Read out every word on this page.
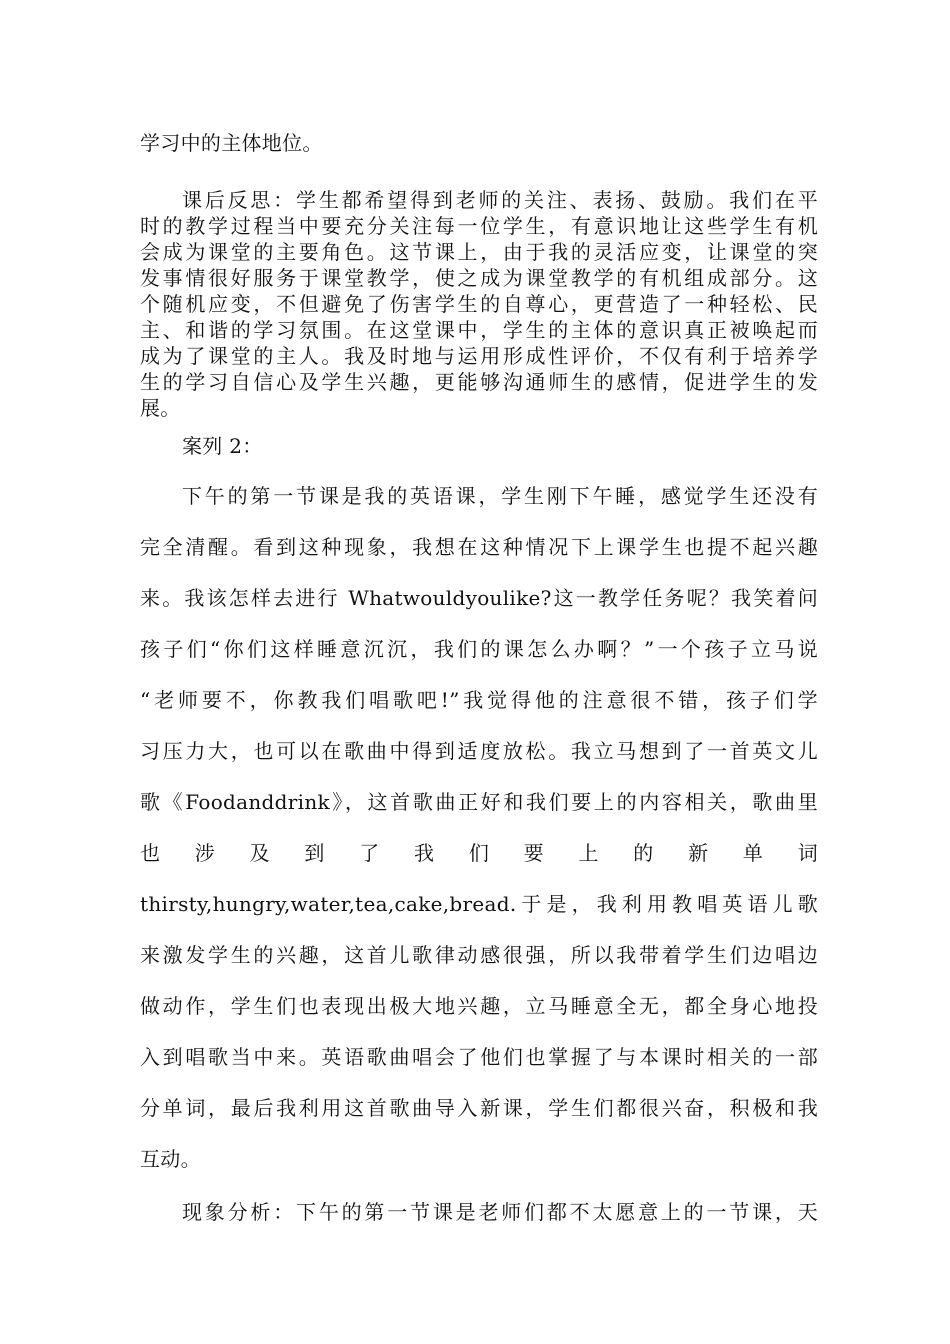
学习中的主体地位。
课后反思：学生都希望得到老师的关注、表扬、鼓励。我们在平
时的教学过程当中要充分关注每一位学生，有意识地让这些学生有机
会成为课堂的主要角色。这节课上，由于我的灵活应变，让课堂的突
发事情很好服务于课堂教学，使之成为课堂教学的有机组成部分。这
个随机应变，不但避免了伤害学生的自尊心，更营造了一种轻松、民
主、和谐的学习氛围。在这堂课中，学生的主体的意识真正被唤起而
成为了课堂的主人。我及时地与运用形成性评价，不仅有利于培养学
生的学习自信心及学生兴趣，更能够沟通师生的感情，促进学生的发
展。
案列 2：
下午的第一节课是我的英语课，学生刚下午睡，感觉学生还没有
完全清醒。看到这种现象，我想在这种情况下上课学生也提不起兴趣
来。我该怎样去进行 Whatwouldyoulike?这一教学任务呢？我笑着问
孩子们“你们这样睡意沉沉，我们的课怎么办啊？”一个孩子立马说
“老师要不，你教我们唱歌吧!”我觉得他的注意很不错，孩子们学
习压力大，也可以在歌曲中得到适度放松。我立马想到了一首英文儿
歌《Foodanddrink》，这首歌曲正好和我们要上的内容相关，歌曲里
也 涉 及 到 了 我 们 要 上 的 新 单 词
thirsty,hungry,water,tea,cake,bread.于是，我利用教唱英语儿歌
来激发学生的兴趣，这首儿歌律动感很强，所以我带着学生们边唱边
做动作，学生们也表现出极大地兴趣，立马睡意全无，都全身心地投
入到唱歌当中来。英语歌曲唱会了他们也掌握了与本课时相关的一部
分单词，最后我利用这首歌曲导入新课，学生们都很兴奋，积极和我
互动。
现象分析：下午的第一节课是老师们都不太愿意上的一节课，天
